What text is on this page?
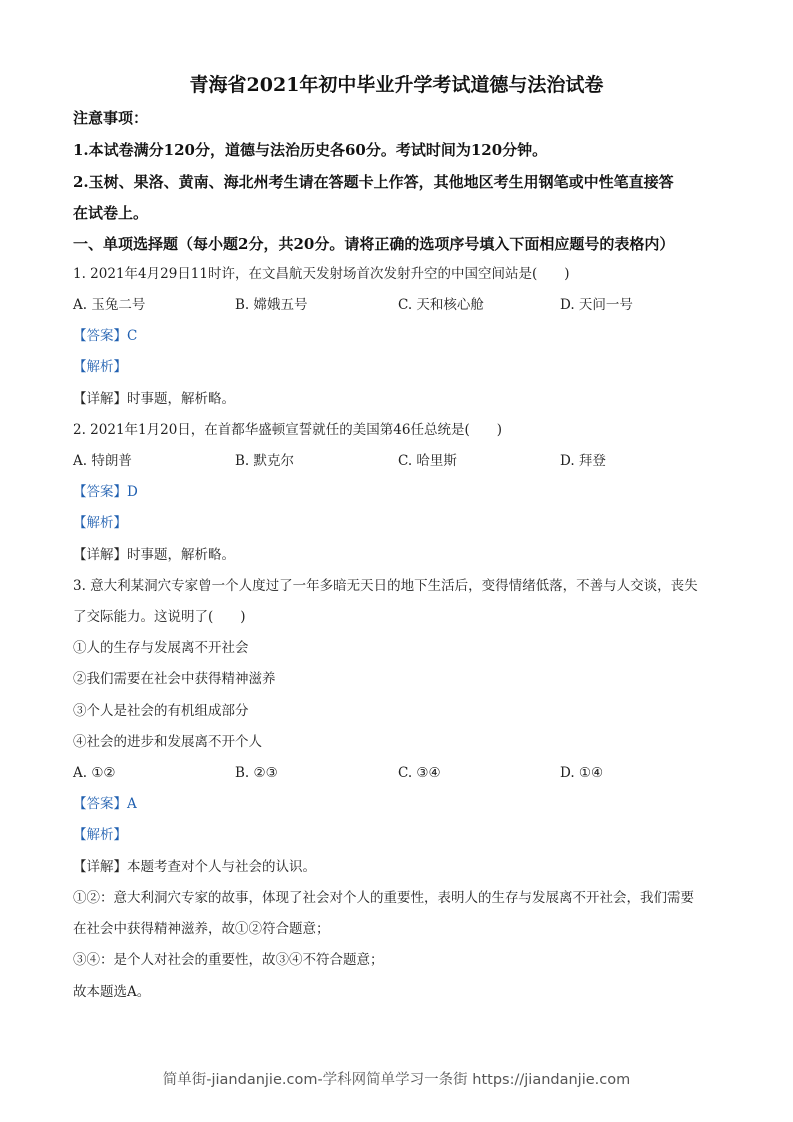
青海省2021年初中毕业升学考试道德与法治试卷
注意事项：
1.本试卷满分120分，道德与法治历史各60分。考试时间为120分钟。
2.玉树、果洛、黄南、海北州考生请在答题卡上作答，其他地区考生用钢笔或中性笔直接答
在试卷上。
一、单项选择题（每小题2分，共20分。请将正确的选项序号填入下面相应题号的表格内）
1. 2021年4月29日11时许，在文昌航天发射场首次发射升空的中国空间站是(　　)
A. 玉兔二号	B. 嫦娥五号	C. 天和核心舱	D. 天问一号
【答案】C
【解析】
【详解】时事题，解析略。
2. 2021年1月20日，在首都华盛顿宣誓就任的美国第46任总统是(　　)
A. 特朗普	B. 默克尔	C. 哈里斯	D. 拜登
【答案】D
【解析】
【详解】时事题，解析略。
3. 意大利某洞穴专家曾一个人度过了一年多暗无天日的地下生活后，变得情绪低落，不善与人交谈，丧失
了交际能力。这说明了(　　)
①人的生存与发展离不开社会
②我们需要在社会中获得精神滋养
③个人是社会的有机组成部分
④社会的进步和发展离不开个人
A. ①②	B. ②③	C. ③④	D. ①④
【答案】A
【解析】
【详解】本题考查对个人与社会的认识。
①②：意大利洞穴专家的故事，体现了社会对个人的重要性，表明人的生存与发展离不开社会，我们需要
在社会中获得精神滋养，故①②符合题意；
③④：是个人对社会的重要性，故③④不符合题意；
故本题选A。
简单街-jiandanjie.com-学科网简单学习一条街 https://jiandanjie.com
